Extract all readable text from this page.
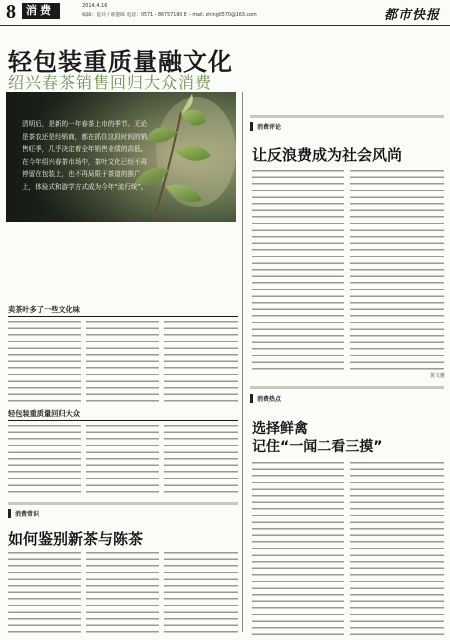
8 消费	2014.4.16
编辑：征玲 / 邢霆晖 电话：0571 - 86757190 E – mail: zhing0570@163.com	都市快报
轻包装重质量融文化
绍兴春茶销售回归大众消费
清明后，是新的一年春茶上市的季节。无论是茶农还是经销商，都在抓住这段时间的销售旺季，几乎决定着全年销售业绩的高低。在今年绍兴春茶市场中，茶叶文化已经不再停留在包装上，也不再局限于茶道的推广上，体验式和游学方式成为今年“流行统”。
卖茶叶多了一些文化味
轻包装重质量回归大众
消费常识
如何鉴别新茶与陈茶
消费评论
让反浪费成为社会风尚
黄文雅
消费热点
选择鲜禽
记住“一闻二看三摸”
